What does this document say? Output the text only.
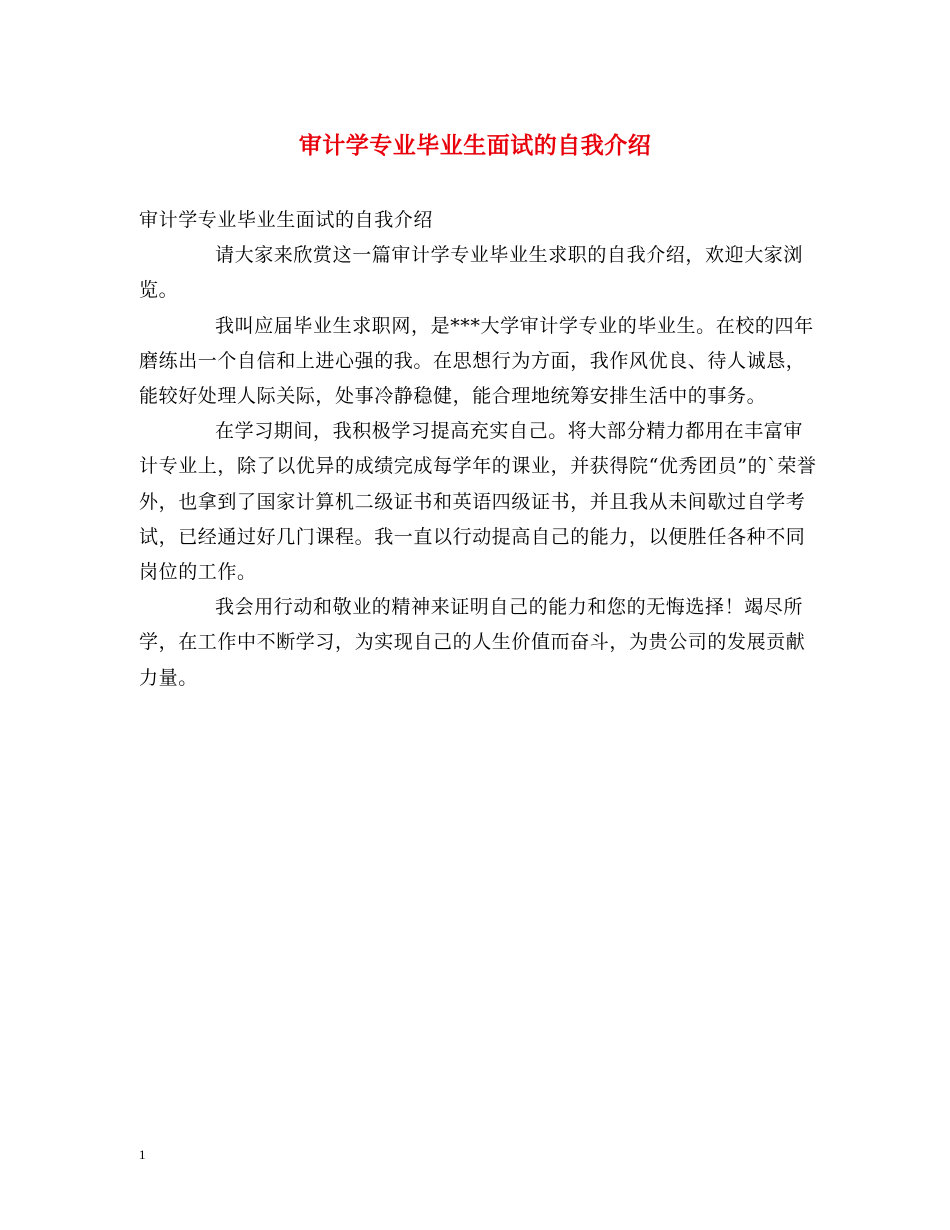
审计学专业毕业生面试的自我介绍

审计学专业毕业生面试的自我介绍

请大家来欣赏这一篇审计学专业毕业生求职的自我介绍，欢迎大家浏览。

我叫应届毕业生求职网，是***大学审计学专业的毕业生。在校的四年磨练出一个自信和上进心强的我。在思想行为方面，我作风优良、待人诚恳，能较好处理人际关际，处事冷静稳健，能合理地统筹安排生活中的事务。

在学习期间，我积极学习提高充实自己。将大部分精力都用在丰富审计专业上，除了以优异的成绩完成每学年的课业，并获得院“优秀团员”的`荣誉外，也拿到了国家计算机二级证书和英语四级证书，并且我从未间歇过自学考试，已经通过好几门课程。我一直以行动提高自己的能力，以便胜任各种不同岗位的工作。

我会用行动和敬业的精神来证明自己的能力和您的无悔选择！竭尽所学，在工作中不断学习，为实现自己的人生价值而奋斗，为贵公司的发展贡献力量。

1
